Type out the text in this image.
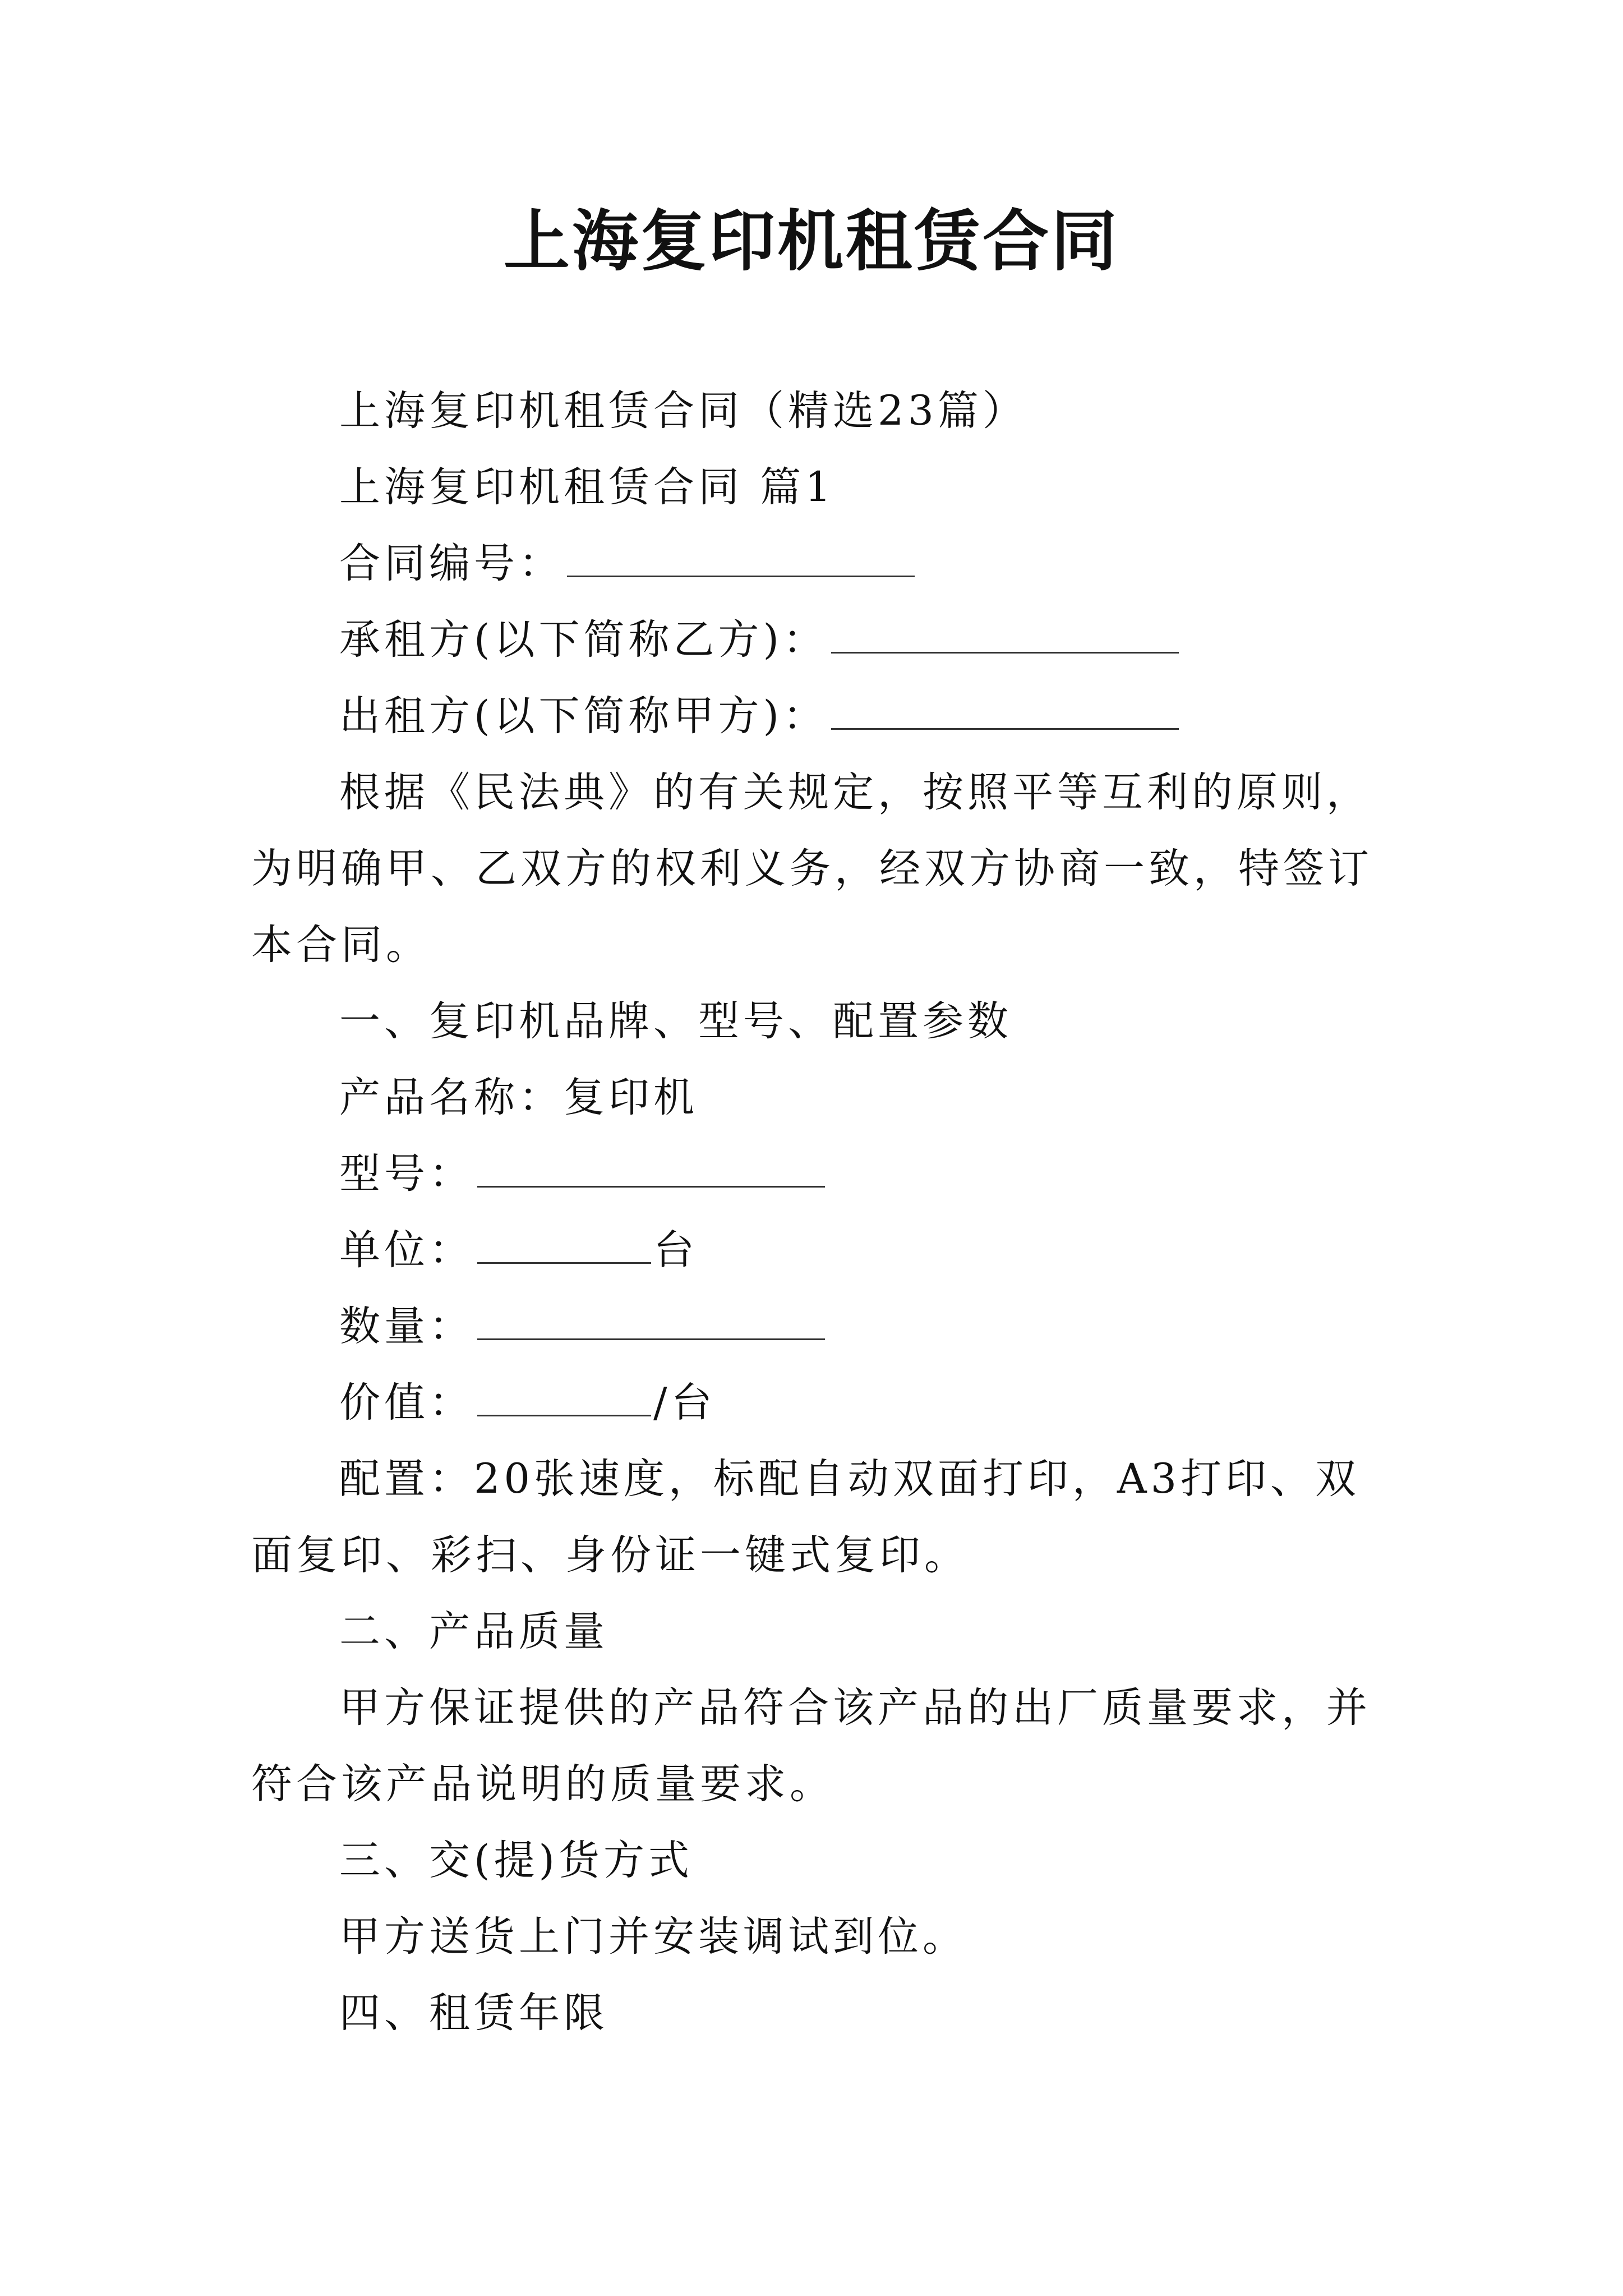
上海复印机租赁合同

上海复印机租赁合同（精选23篇）

上海复印机租赁合同 篇1

合同编号：

承租方(以下简称乙方)：

出租方(以下简称甲方)：

根据《民法典》的有关规定，按照平等互利的原则，为明确甲、乙双方的权利义务，经双方协商一致，特签订本合同。

一、复印机品牌、型号、配置参数

产品名称：复印机

型号：

单位：	台

数量：

价值：	/台

配置：20张速度，标配自动双面打印，A3打印、双面复印、彩扫、身份证一键式复印。

二、产品质量

甲方保证提供的产品符合该产品的出厂质量要求，并符合该产品说明的质量要求。

三、交(提)货方式

甲方送货上门并安装调试到位。

四、租赁年限
